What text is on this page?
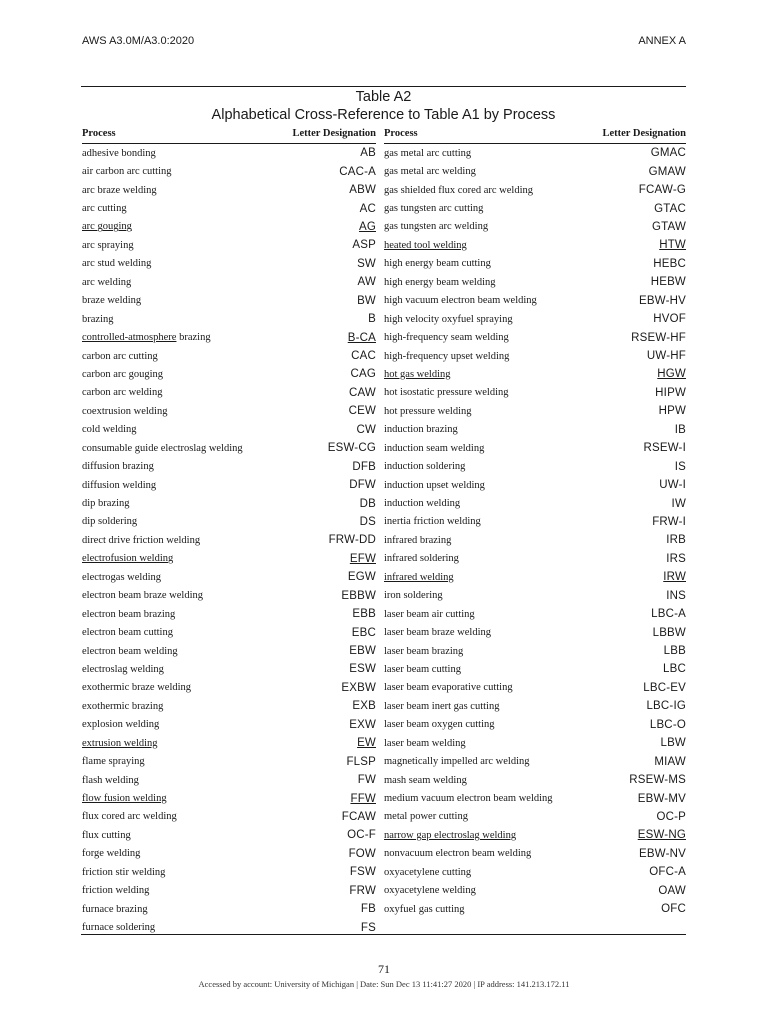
AWS A3.0M/A3.0:2020	ANNEX A
Table A2
Alphabetical Cross-Reference to Table A1 by Process
Process	Letter Designation
adhesive bonding	AB
air carbon arc cutting	CAC-A
arc braze welding	ABW
arc cutting	AC
arc gouging	AG
arc spraying	ASP
arc stud welding	SW
arc welding	AW
braze welding	BW
brazing	B
controlled-atmosphere brazing	B-CA
carbon arc cutting	CAC
carbon arc gouging	CAG
carbon arc welding	CAW
coextrusion welding	CEW
cold welding	CW
consumable guide electroslag welding	ESW-CG
diffusion brazing	DFB
diffusion welding	DFW
dip brazing	DB
dip soldering	DS
direct drive friction welding	FRW-DD
electrofusion welding	EFW
electrogas welding	EGW
electron beam braze welding	EBBW
electron beam brazing	EBB
electron beam cutting	EBC
electron beam welding	EBW
electroslag welding	ESW
exothermic braze welding	EXBW
exothermic brazing	EXB
explosion welding	EXW
extrusion welding	EW
flame spraying	FLSP
flash welding	FW
flow fusion welding	FFW
flux cored arc welding	FCAW
flux cutting	OC-F
forge welding	FOW
friction stir welding	FSW
friction welding	FRW
furnace brazing	FB
furnace soldering	FS
Process	Letter Designation
gas metal arc cutting	GMAC
gas metal arc welding	GMAW
gas shielded flux cored arc welding	FCAW-G
gas tungsten arc cutting	GTAC
gas tungsten arc welding	GTAW
heated tool welding	HTW
high energy beam cutting	HEBC
high energy beam welding	HEBW
high vacuum electron beam welding	EBW-HV
high velocity oxyfuel spraying	HVOF
high-frequency seam welding	RSEW-HF
high-frequency upset welding	UW-HF
hot gas welding	HGW
hot isostatic pressure welding	HIPW
hot pressure welding	HPW
induction brazing	IB
induction seam welding	RSEW-I
induction soldering	IS
induction upset welding	UW-I
induction welding	IW
inertia friction welding	FRW-I
infrared brazing	IRB
infrared soldering	IRS
infrared welding	IRW
iron soldering	INS
laser beam air cutting	LBC-A
laser beam braze welding	LBBW
laser beam brazing	LBB
laser beam cutting	LBC
laser beam evaporative cutting	LBC-EV
laser beam inert gas cutting	LBC-IG
laser beam oxygen cutting	LBC-O
laser beam welding	LBW
magnetically impelled arc welding	MIAW
mash seam welding	RSEW-MS
medium vacuum electron beam welding	EBW-MV
metal power cutting	OC-P
narrow gap electroslag welding	ESW-NG
nonvacuum electron beam welding	EBW-NV
oxyacetylene cutting	OFC-A
oxyacetylene welding	OAW
oxyfuel gas cutting	OFC
71
Accessed by account: University of Michigan | Date: Sun Dec 13 11:41:27 2020 | IP address: 141.213.172.11
